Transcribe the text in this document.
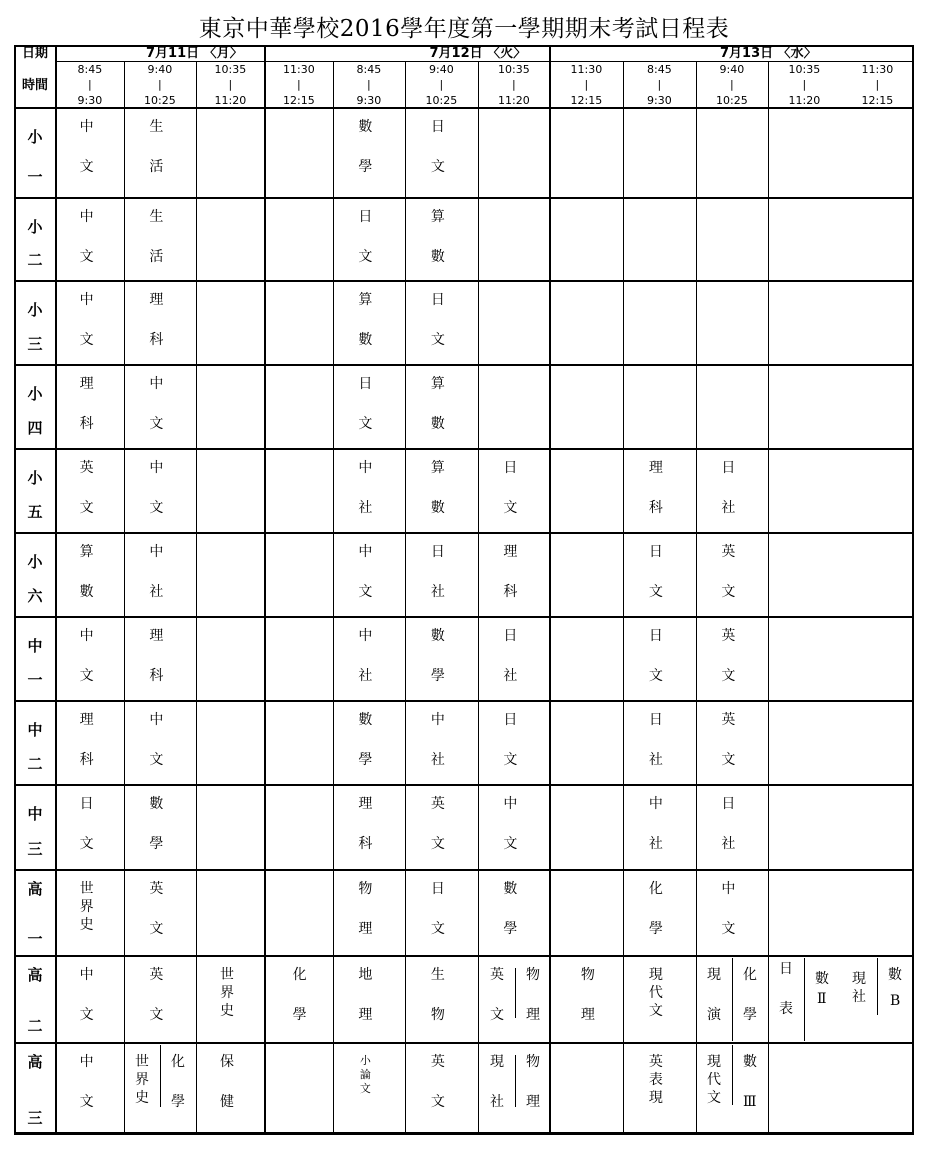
東京中華學校2016學年度第一學期期末考試日程表
日期
時間
7月11日 〈月〉	7月12日 〈火〉	7月13日 〈水〉
8:45
|
9:30
9:40
|
10:25
10:35
|
11:20
11:30
|
12:15
8:45
|
9:30
9:40
|
10:25
10:35
|
11:20
11:30
|
12:15
8:45
|
9:30
9:40
|
10:25
10:35
|
11:20
11:30
|
12:15
小
一
小
二
小
三
小
四
小
五
小
六
中
一
中
二
中
三
高
一
高
二
高
三
中
文
生
活
數
學
日
文
中
文
生
活
日
文
算
數
中
文
理
科
算
數
日
文
理
科
中
文
日
文
算
數
英
文
中
文
中
社
算
數
日
文
理
科
日
社
算
數
中
社
中
文
日
社
理
科
日
文
英
文
中
文
理
科
中
社
數
學
日
社
日
文
英
文
理
科
中
文
數
學
中
社
日
文
日
社
英
文
日
文
數
學
理
科
英
文
中
文
中
社
日
社
世
界
史
英
文
物
理
日
文
數
學
化
學
中
文
中
文
英
文
世
界
史
化
學
地
理
生
物
英
文
物
理
物
理
現
代
文
現
演
化
學
日
表
數
Ⅱ
現
社
數
B
中
文
世
界
史
化
學
保
健
小
論
文
英
文
現
社
物
理
英
表
現
現
代
文
數
Ⅲ
